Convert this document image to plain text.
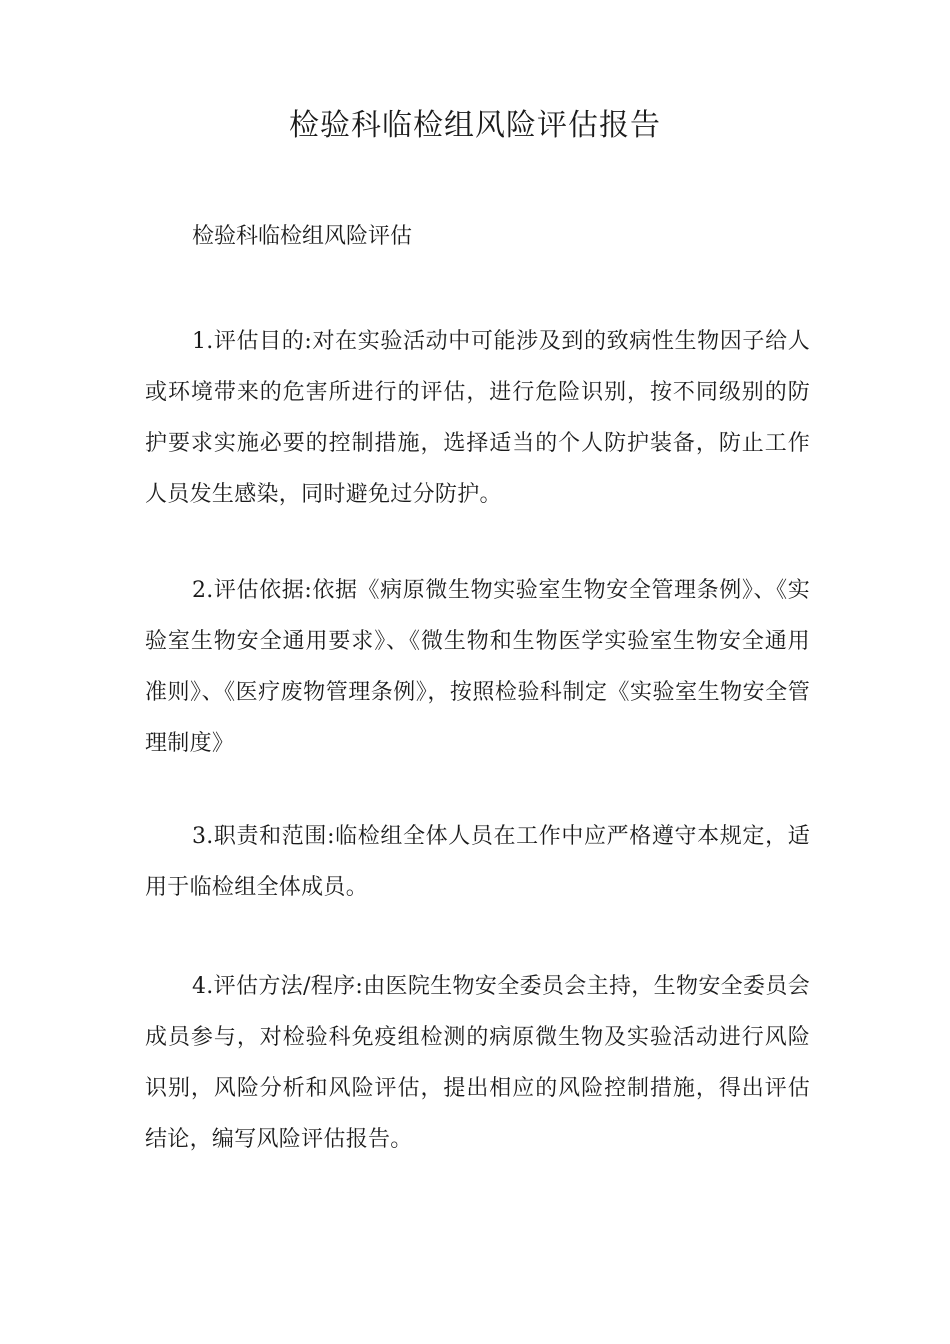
检验科临检组风险评估报告

检验科临检组风险评估

1.评估目的:对在实验活动中可能涉及到的致病性生物因子给人或环境带来的危害所进行的评估，进行危险识别，按不同级别的防护要求实施必要的控制措施，选择适当的个人防护装备，防止工作人员发生感染，同时避免过分防护。

2.评估依据:依据《病原微生物实验室生物安全管理条例》、《实验室生物安全通用要求》、《微生物和生物医学实验室生物安全通用准则》、《医疗废物管理条例》，按照检验科制定《实验室生物安全管理制度》

3.职责和范围:临检组全体人员在工作中应严格遵守本规定，适用于临检组全体成员。

4.评估方法/程序:由医院生物安全委员会主持，生物安全委员会成员参与，对检验科免疫组检测的病原微生物及实验活动进行风险识别，风险分析和风险评估，提出相应的风险控制措施，得出评估结论，编写风险评估报告。
